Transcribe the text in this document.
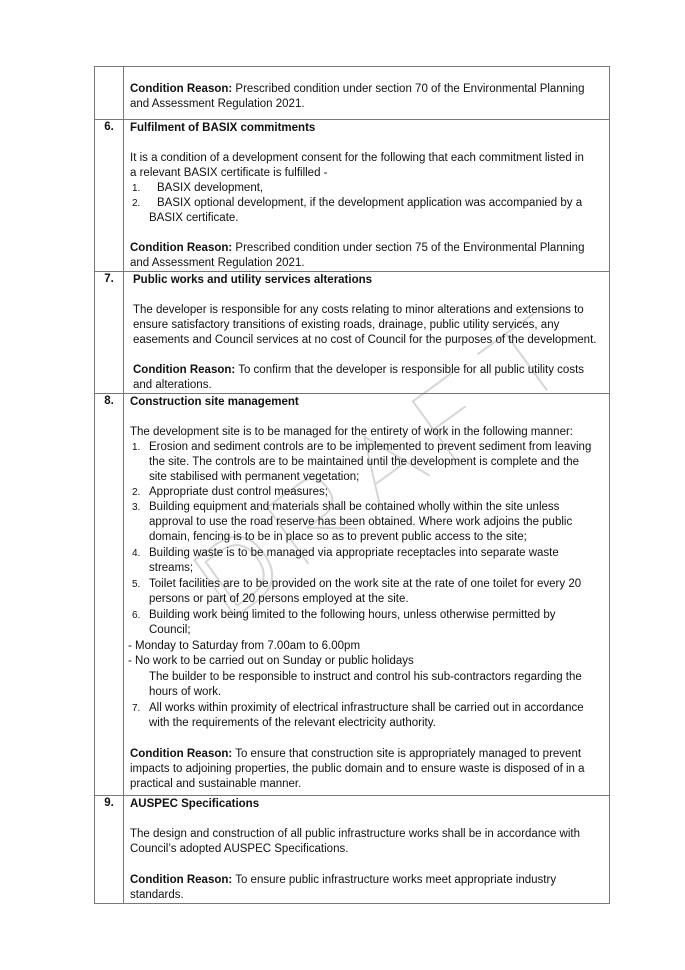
Condition Reason: Prescribed condition under section 70 of the Environmental Planning
and Assessment Regulation 2021.
6.	Fulfilment of BASIX commitments
It is a condition of a development consent for the following that each commitment listed in
a relevant BASIX certificate is fulfilled -
1. BASIX development,
2. BASIX optional development, if the development application was accompanied by a
BASIX certificate.
Condition Reason: Prescribed condition under section 75 of the Environmental Planning
and Assessment Regulation 2021.
7.	Public works and utility services alterations
The developer is responsible for any costs relating to minor alterations and extensions to
ensure satisfactory transitions of existing roads, drainage, public utility services, any
easements and Council services at no cost of Council for the purposes of the development.
Condition Reason: To confirm that the developer is responsible for all public utility costs
and alterations.
8.	Construction site management
The development site is to be managed for the entirety of work in the following manner:
1. Erosion and sediment controls are to be implemented to prevent sediment from leaving
the site. The controls are to be maintained until the development is complete and the
site stabilised with permanent vegetation;
2. Appropriate dust control measures;
3. Building equipment and materials shall be contained wholly within the site unless
approval to use the road reserve has been obtained. Where work adjoins the public
domain, fencing is to be in place so as to prevent public access to the site;
4. Building waste is to be managed via appropriate receptacles into separate waste
streams;
5. Toilet facilities are to be provided on the work site at the rate of one toilet for every 20
persons or part of 20 persons employed at the site.
6. Building work being limited to the following hours, unless otherwise permitted by
Council;
- Monday to Saturday from 7.00am to 6.00pm
- No work to be carried out on Sunday or public holidays
The builder to be responsible to instruct and control his sub-contractors regarding the
hours of work.
7. All works within proximity of electrical infrastructure shall be carried out in accordance
with the requirements of the relevant electricity authority.
Condition Reason: To ensure that construction site is appropriately managed to prevent
impacts to adjoining properties, the public domain and to ensure waste is disposed of in a
practical and sustainable manner.
9.	AUSPEC Specifications
The design and construction of all public infrastructure works shall be in accordance with
Council’s adopted AUSPEC Specifications.
Condition Reason: To ensure public infrastructure works meet appropriate industry
standards.
